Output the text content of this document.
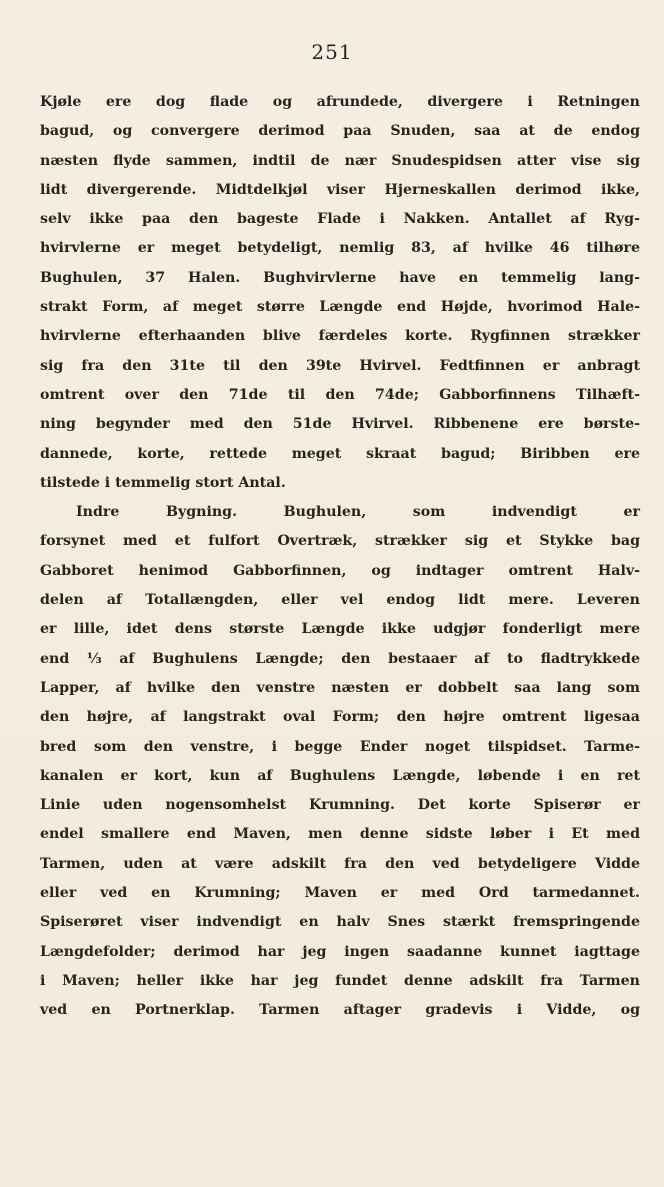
251
Kjøle ere dog flade og afrundede, divergere i Retningen
bagud, og convergere derimod paa Snuden, saa at de endog
næsten flyde sammen, indtil de nær Snudespidsen atter vise sig
lidt divergerende. Midtdelkjøl viser Hjerneskallen derimod ikke,
selv ikke paa den bageste Flade i Nakken. Antallet af Ryg-
hvirvlerne er meget betydeligt, nemlig 83, af hvilke 46 tilhøre
Bughulen, 37 Halen. Bughvirvlerne have en temmelig lang-
strakt Form, af meget større Længde end Højde, hvorimod Hale-
hvirvlerne efterhaanden blive færdeles korte. Rygfinnen strækker
sig fra den 31te til den 39te Hvirvel. Fedtfinnen er anbragt
omtrent over den 71de til den 74de; Gabborfinnens Tilhæft-
ning begynder med den 51de Hvirvel. Ribbenene ere børste-
dannede, korte, rettede meget skraat bagud; Biribben ere
tilstede i temmelig stort Antal.
Indre Bygning. Bughulen, som indvendigt er
forsynet med et fulfort Overtræk, strækker sig et Stykke bag
Gabboret henimod Gabborfinnen, og indtager omtrent Halv-
delen af Totallængden, eller vel endog lidt mere. Leveren
er lille, idet dens største Længde ikke udgjør fonderligt mere
end ⅓ af Bughulens Længde; den bestaaer af to fladtrykkede
Lapper, af hvilke den venstre næsten er dobbelt saa lang som
den højre, af langstrakt oval Form; den højre omtrent ligesaa
bred som den venstre, i begge Ender noget tilspidset. Tarme-
kanalen er kort, kun af Bughulens Længde, løbende i en ret
Linie uden nogensomhelst Krumning. Det korte Spiserør er
endel smallere end Maven, men denne sidste løber i Et med
Tarmen, uden at være adskilt fra den ved betydeligere Vidde
eller ved en Krumning; Maven er med Ord tarmedannet.
Spiserøret viser indvendigt en halv Snes stærkt fremspringende
Længdefolder; derimod har jeg ingen saadanne kunnet iagttage
i Maven; heller ikke har jeg fundet denne adskilt fra Tarmen
ved en Portnerklap. Tarmen aftager gradevis i Vidde, og
